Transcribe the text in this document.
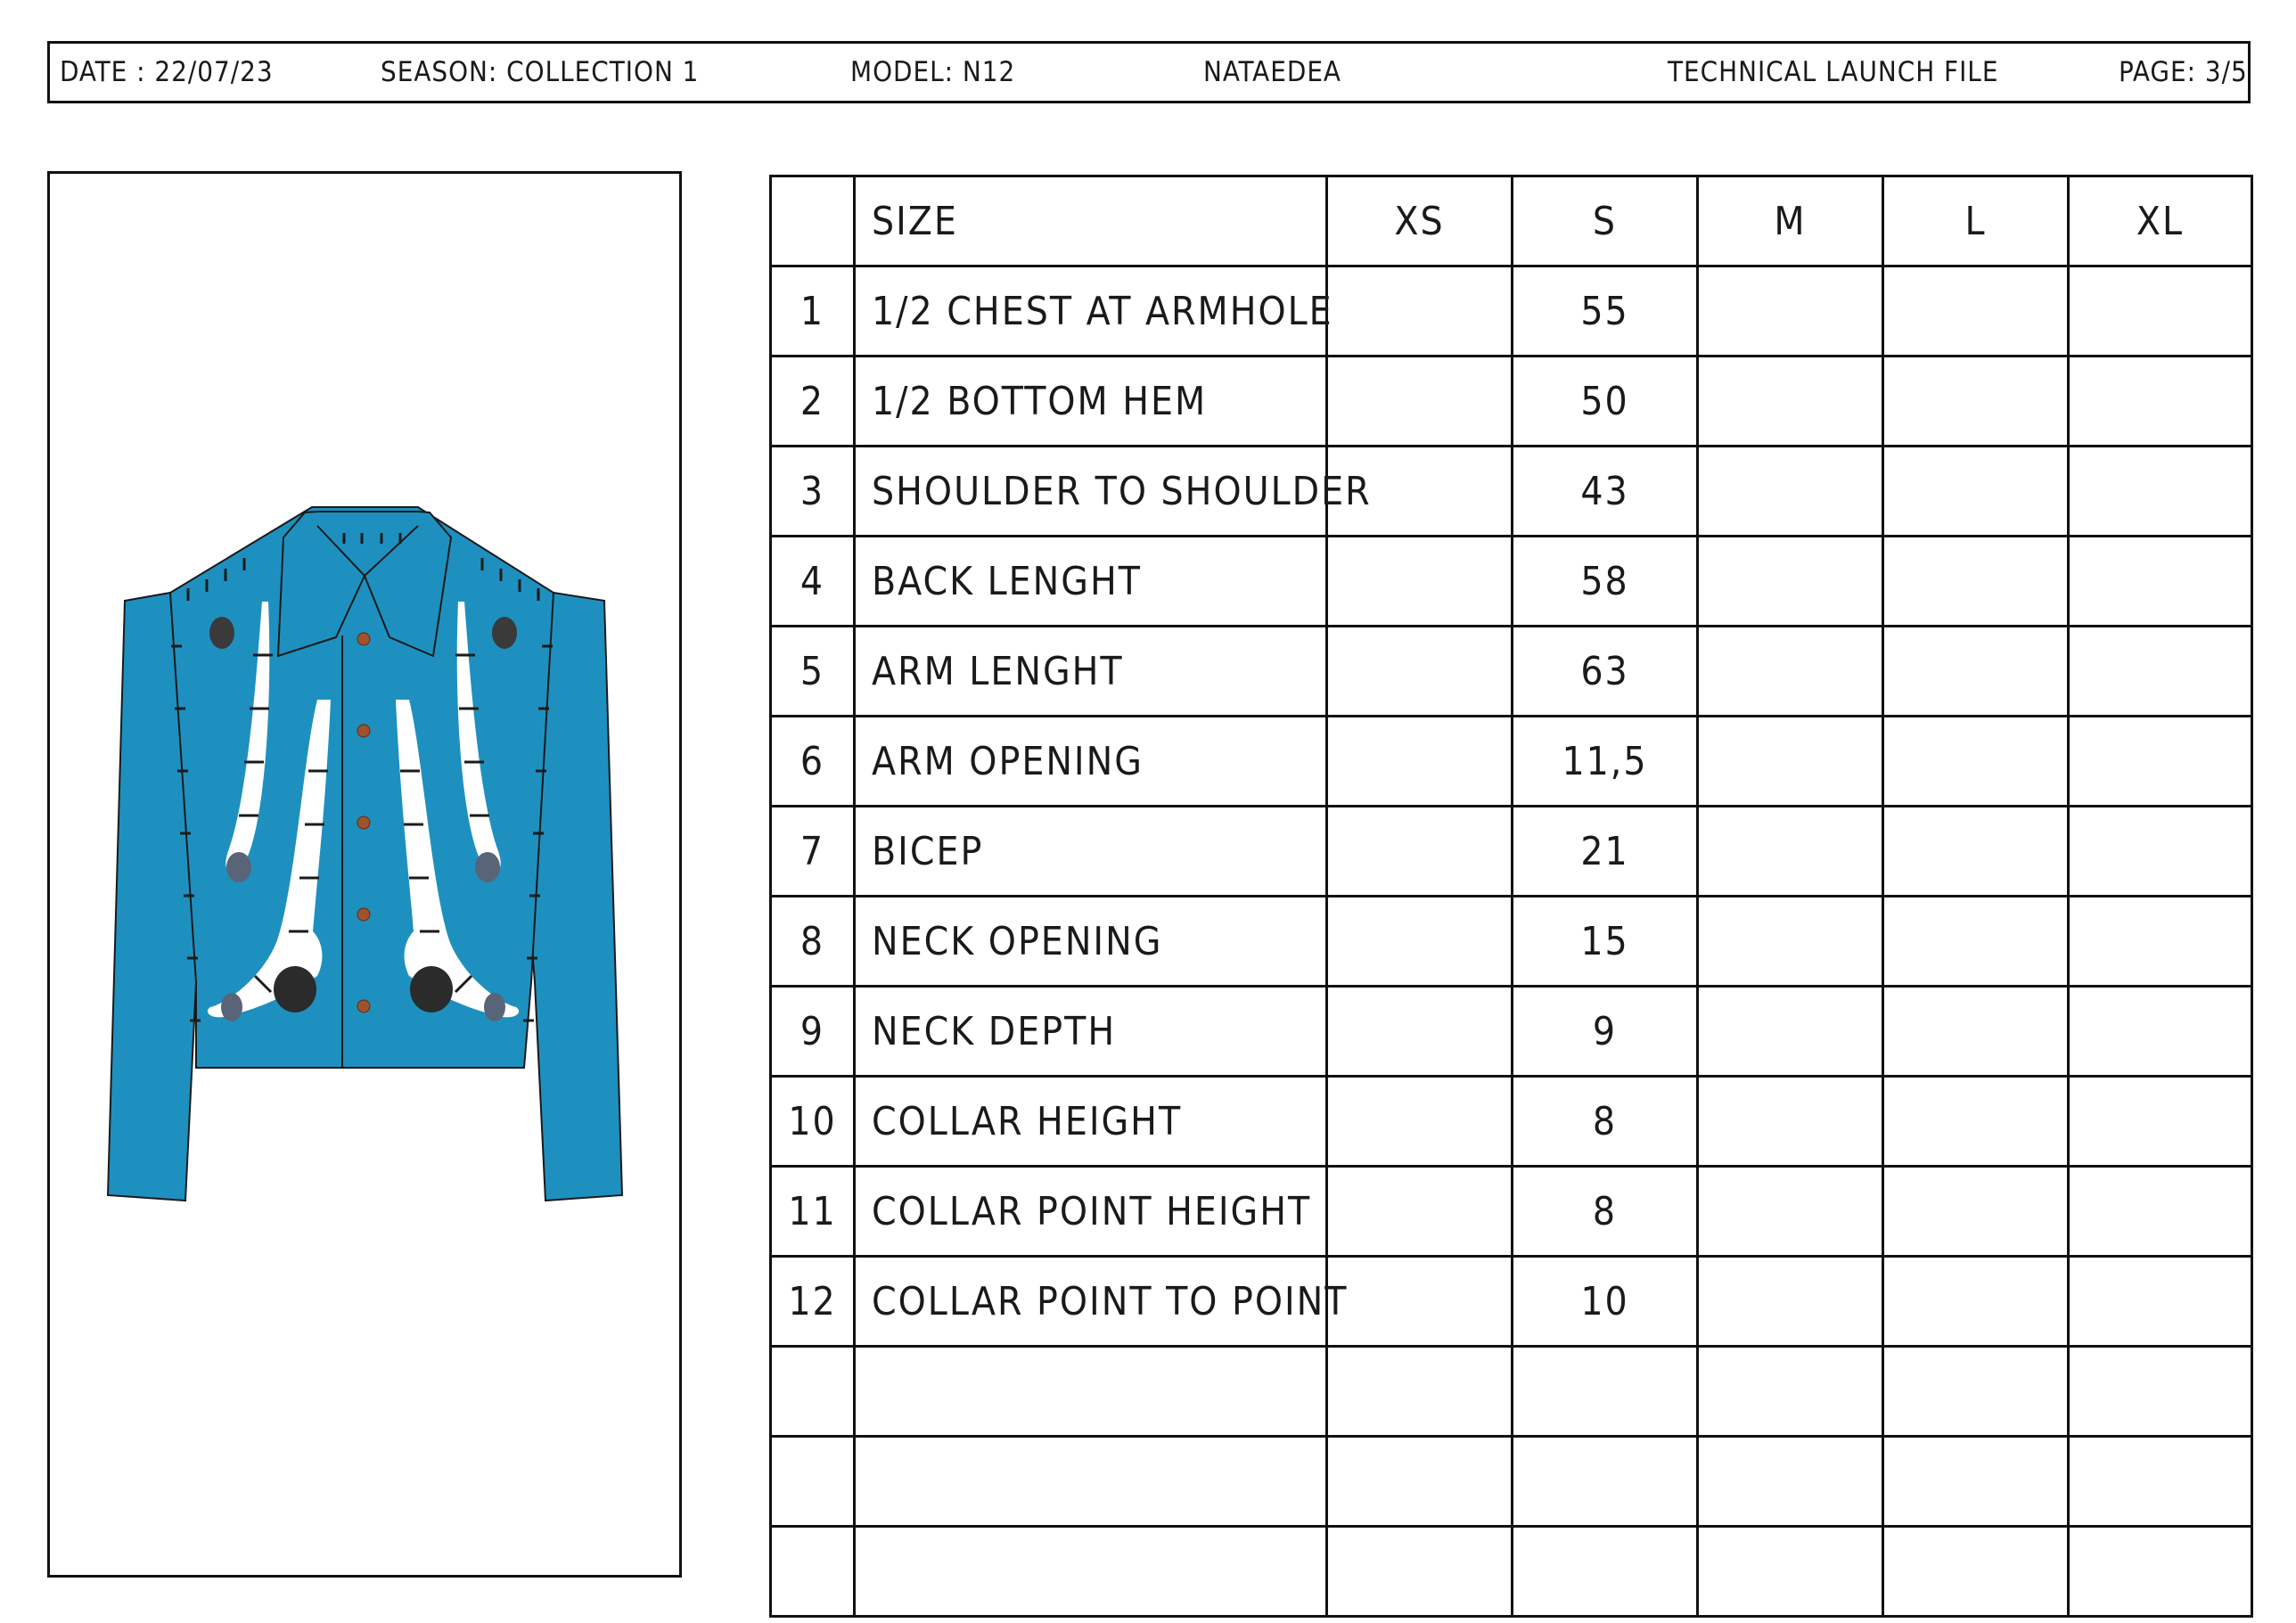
DATE : 22/07/23	SEASON: COLLECTION 1	MODEL: N12	NATAEDEA	TECHNICAL LAUNCH FILE	PAGE: 3/5
	SIZE	XS	S	M	L	XL
1	1/2 CHEST AT ARMHOLE		55			
2	1/2 BOTTOM HEM		50			
3	SHOULDER TO SHOULDER		43			
4	BACK LENGHT		58			
5	ARM LENGHT		63			
6	ARM OPENING		11,5			
7	BICEP		21			
8	NECK OPENING		15			
9	NECK DEPTH		9			
10	COLLAR HEIGHT		8			
11	COLLAR POINT HEIGHT		8			
12	COLLAR POINT TO POINT		10			
